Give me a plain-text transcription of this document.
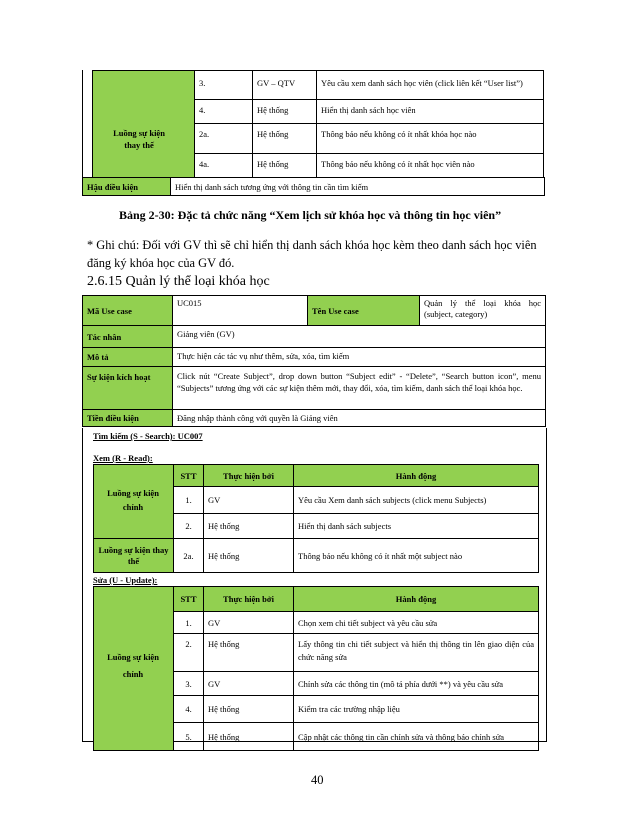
	3.	GV – QTV	Yêu cầu xem danh sách học viên (click liên kết “User list”)
	4.	Hệ thống	Hiển thị danh sách học viên
	2a.	Hệ thống	Thông báo nếu không có ít nhất khóa học nào
	4a.	Hệ thống	Thông báo nếu không có ít nhất học viên nào
Luồng sự kiện thay thế
Hậu điều kiện	Hiển thị danh sách tương ứng với thông tin cần tìm kiếm
Bảng 2-30: Đặc tả chức năng “Xem lịch sử khóa học và thông tin học viên”
* Ghi chú: Đối với GV thì sẽ chỉ hiển thị danh sách khóa học kèm theo danh sách học viên đăng ký khóa học của GV đó.
2.6.15 Quản lý thể loại khóa học
Mã Use case	UC015	Tên Use case	Quản lý thể loại khóa học (subject, category)
Tác nhân	Giảng viên (GV)		
Mô tả	Thực hiện các tác vụ như thêm, sửa, xóa, tìm kiếm		
Sự kiện kích hoạt	Click nút “Create Subject”, drop down button “Subject edit” - “Delete”, “Search button icon”, menu “Subjects” tương ứng với các sự kiện thêm mới, thay đổi, xóa, tìm kiếm, danh sách thể loại khóa học.		
Tiền điều kiện	Đăng nhập thành công với quyền là Giảng viên		
Tìm kiếm (S - Search): UC007
Xem (R - Read):
	STT	Thực hiện bởi	Hành động
	1.	GV	Yêu cầu Xem danh sách subjects (click menu Subjects)
	2.	Hệ thống	Hiển thị danh sách subjects
Luồng sự kiện thay thế	2a.	Hệ thống	Thông báo nếu không có ít nhất một subject nào
Luồng sự kiện chính
Sửa (U - Update):
	STT	Thực hiện bởi	Hành động
	1.	GV	Chọn xem chi tiết subject và yêu cầu sửa
	2.	Hệ thống	Lấy thông tin chi tiết subject và hiển thị thông tin lên giao diện của chức năng sửa
	3.	GV	Chỉnh sửa các thông tin (mô tả phía dưới **) và yêu cầu sửa
	4.	Hệ thống	Kiểm tra các trường nhập liệu
	5.	Hệ thống	Cập nhật các thông tin cần chỉnh sửa và thông báo chỉnh sửa
Luồng sự kiện chính
40
